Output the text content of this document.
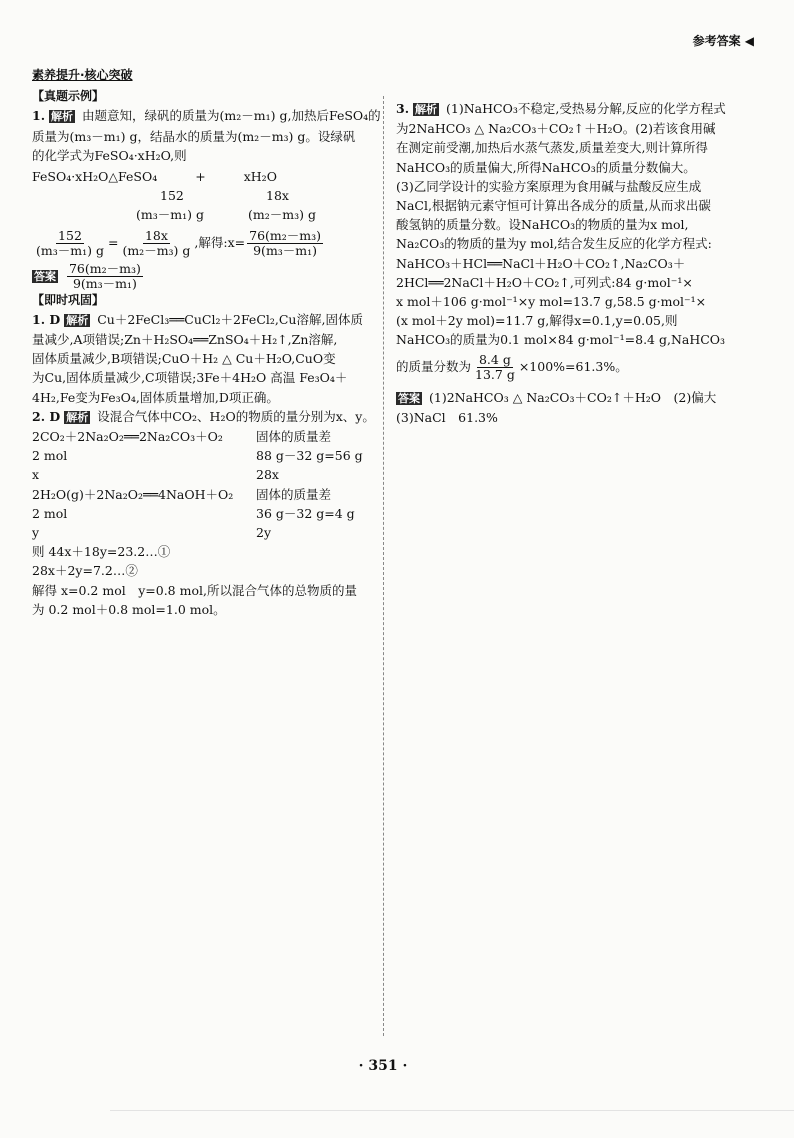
参考答案 ◀
素养提升·核心突破
【真题示例】
1. 解析 由题意知，绿矾的质量为(m₂－m₁) g,加热后FeSO₄的
质量为(m₃－m₁) g，结晶水的质量为(m₂－m₃) g。设绿矾
的化学式为FeSO₄·xH₂O,则
FeSO₄·xH₂O△FeSO₄	+	xH₂O
152	18x
(m₃－m₁) g	(m₂－m₃) g
$\frac{152}{\text{(m₃－m₁) g}} = \frac{18x}{\text{(m₂－m₃) g}}$ ,解得:x= $\frac{\text{76(m₂－m₃)}}{\text{9(m₃－m₁)}}$
答案 $\frac{\text{76(m₂－m₃)}}{\text{9(m₃－m₁)}}$
【即时巩固】
1. D 解析 Cu＋2FeCl₃══CuCl₂＋2FeCl₂,Cu溶解,固体质
量减少,A项错误;Zn＋H₂SO₄══ZnSO₄＋H₂↑,Zn溶解,
固体质量减少,B项错误;CuO＋H₂ △ Cu＋H₂O,CuO变
为Cu,固体质量减少,C项错误;3Fe＋4H₂O 高温 Fe₃O₄＋
4H₂,Fe变为Fe₃O₄,固体质量增加,D项正确。
2. D 解析 设混合气体中CO₂、H₂O的物质的量分别为x、y。
2CO₂＋2Na₂O₂══2Na₂CO₃＋O₂	固体的质量差
2 mol	88 g－32 g=56 g
x	28x
2H₂O(g)＋2Na₂O₂══4NaOH＋O₂	固体的质量差
2 mol	36 g－32 g=4 g
y	2y
则 44x＋18y=23.2…①
28x＋2y=7.2…②
解得 x=0.2 mol　y=0.8 mol,所以混合气体的总物质的量
为 0.2 mol＋0.8 mol=1.0 mol。
3. 解析 (1)NaHCO₃不稳定,受热易分解,反应的化学方程式
为2NaHCO₃ △ Na₂CO₃＋CO₂↑＋H₂O。(2)若该食用碱
在测定前受潮,加热后水蒸气蒸发,质量差变大,则计算所得
NaHCO₃的质量偏大,所得NaHCO₃的质量分数偏大。
(3)乙同学设计的实验方案原理为食用碱与盐酸反应生成
NaCl,根据钠元素守恒可计算出各成分的质量,从而求出碳
酸氢钠的质量分数。设NaHCO₃的物质的量为x mol,
Na₂CO₃的物质的量为y mol,结合发生反应的化学方程式:
NaHCO₃＋HCl══NaCl＋H₂O＋CO₂↑,Na₂CO₃＋
2HCl══2NaCl＋H₂O＋CO₂↑,可列式:84 g·mol⁻¹×
x mol＋106 g·mol⁻¹×y mol=13.7 g,58.5 g·mol⁻¹×
(x mol＋2y mol)=11.7 g,解得x=0.1,y=0.05,则
NaHCO₃的质量为0.1 mol×84 g·mol⁻¹=8.4 g,NaHCO₃
的质量分数为 $\frac{8.4 g}{13.7 g} \times 100\%=61.3\%$。
答案 (1)2NaHCO₃ △ Na₂CO₃＋CO₂↑＋H₂O　(2)偏大
(3)NaCl　61.3%
· 351 ·
